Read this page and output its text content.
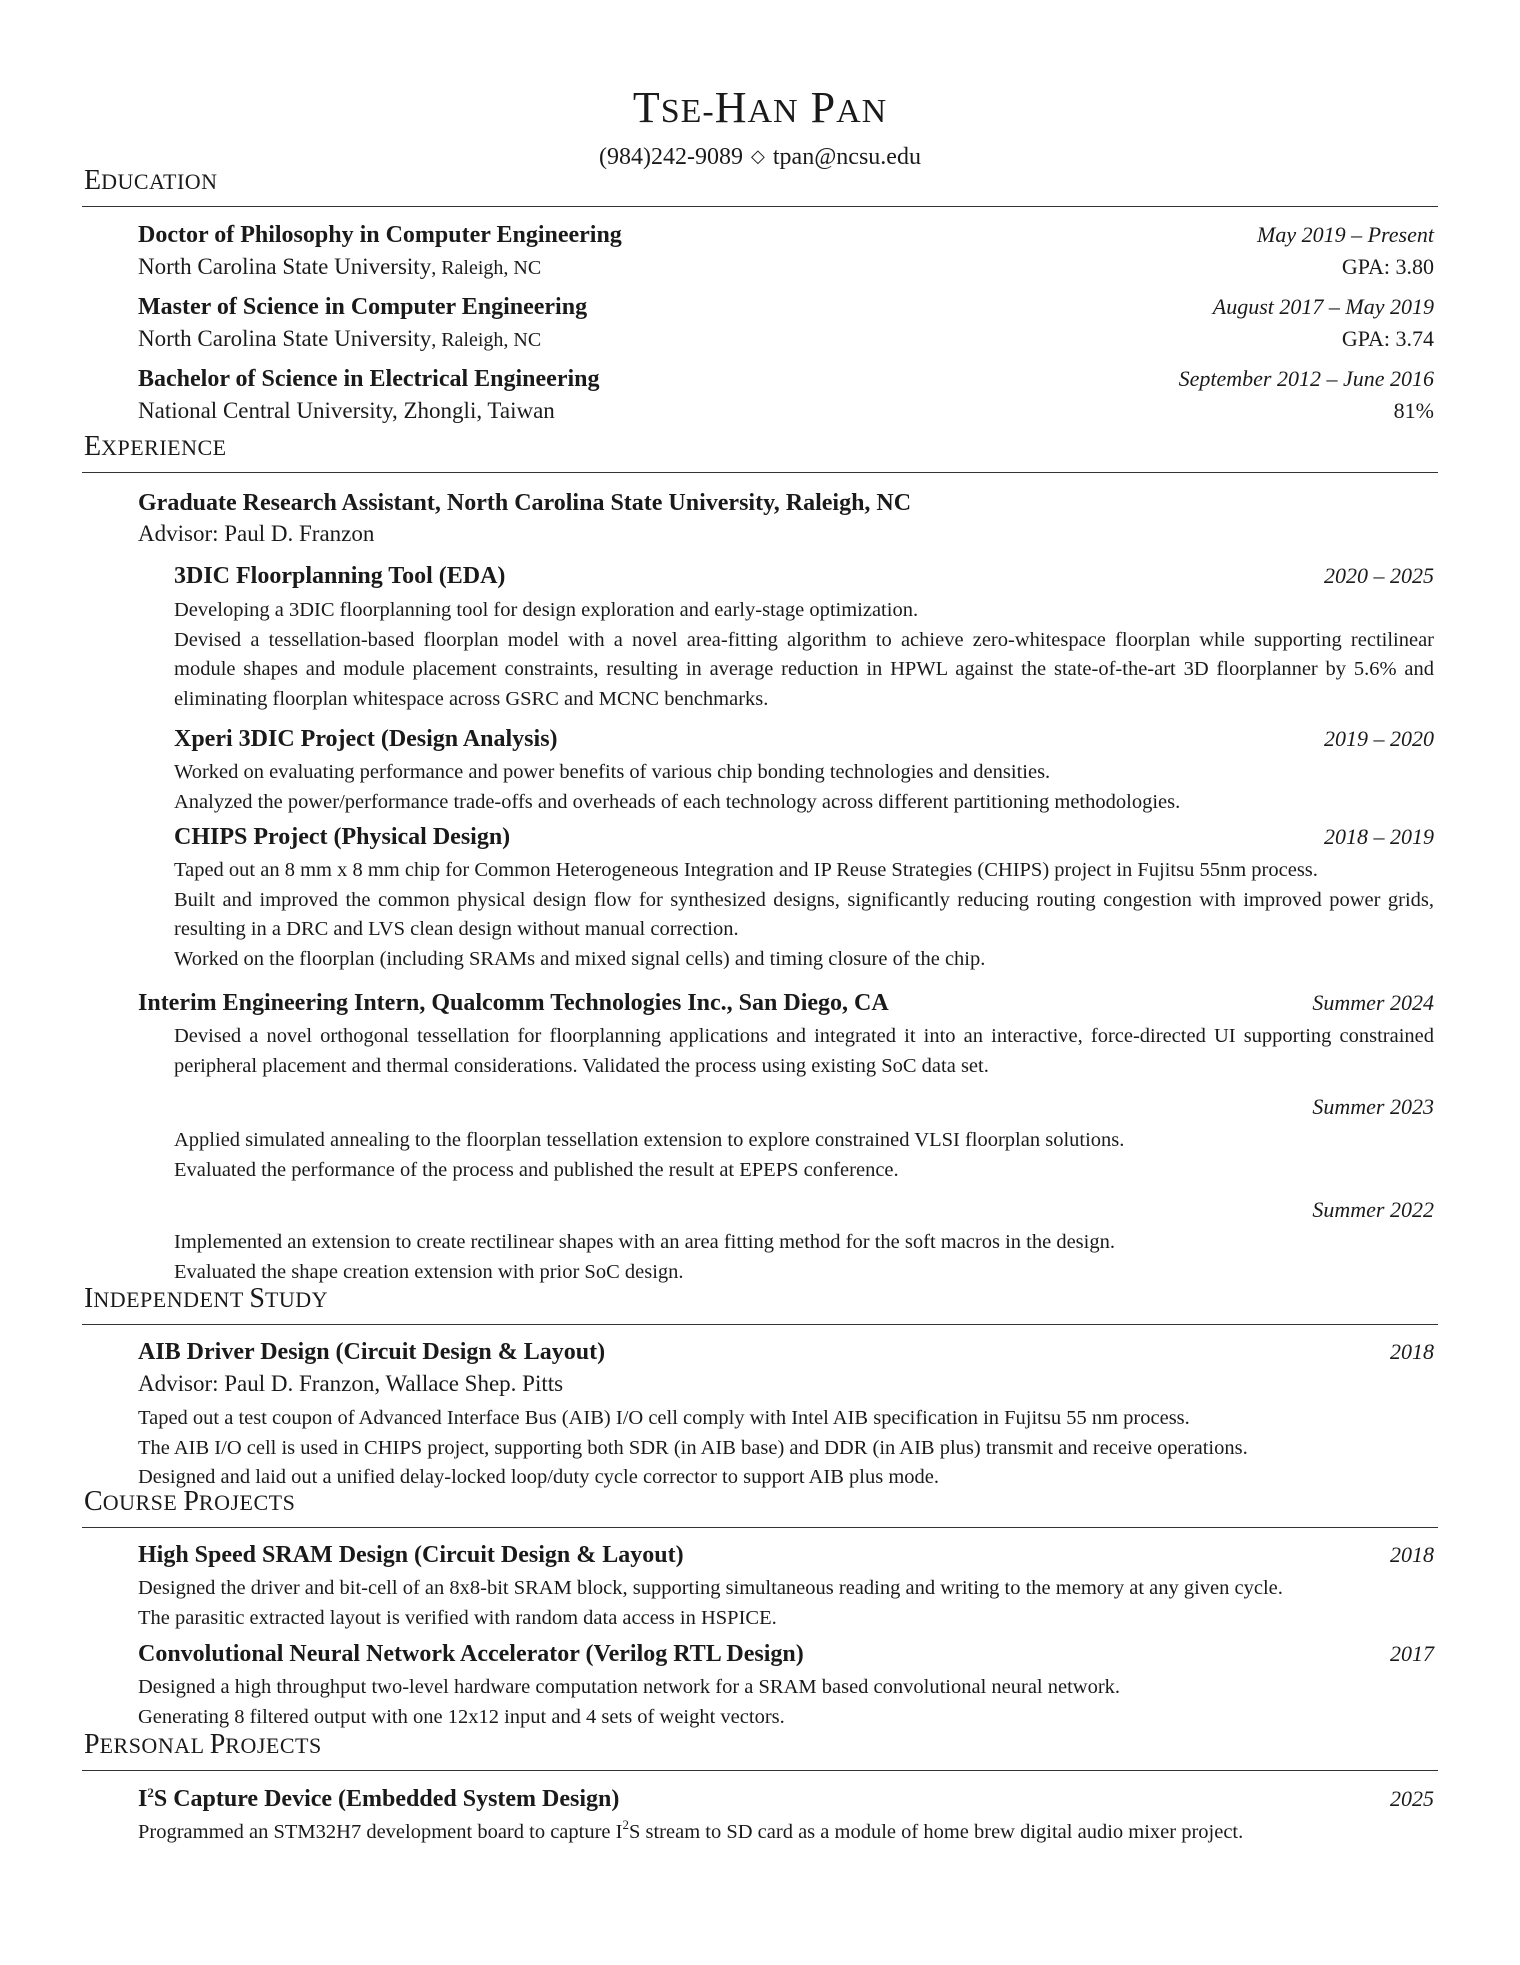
TSE-HAN PAN
(984)242-9089 ◇ tpan@ncsu.edu
EDUCATION
Doctor of Philosophy in Computer Engineering	May 2019 – Present
North Carolina State University, Raleigh, NC	GPA: 3.80
Master of Science in Computer Engineering	August 2017 – May 2019
North Carolina State University, Raleigh, NC	GPA: 3.74
Bachelor of Science in Electrical Engineering	September 2012 – June 2016
National Central University, Zhongli, Taiwan	81%
EXPERIENCE
Graduate Research Assistant, North Carolina State University, Raleigh, NC
Advisor: Paul D. Franzon
3DIC Floorplanning Tool (EDA)	2020 – 2025

Developing a 3DIC floorplanning tool for design exploration and early-stage optimization.

Devised a tessellation-based floorplan model with a novel area-fitting algorithm to achieve zero-whitespace floorplan while supporting rectilinear module shapes and module placement constraints, resulting in average reduction in HPWL against the state-of-the-art 3D floorplanner by 5.6% and eliminating floorplan whitespace across GSRC and MCNC benchmarks.

Xperi 3DIC Project (Design Analysis)	2019 – 2020

Worked on evaluating performance and power benefits of various chip bonding technologies and densities.

Analyzed the power/performance trade-offs and overheads of each technology across different partitioning methodologies.

CHIPS Project (Physical Design)	2018 – 2019

Taped out an 8 mm x 8 mm chip for Common Heterogeneous Integration and IP Reuse Strategies (CHIPS) project in Fujitsu 55nm process.

Built and improved the common physical design flow for synthesized designs, significantly reducing routing congestion with improved power grids, resulting in a DRC and LVS clean design without manual correction.

Worked on the floorplan (including SRAMs and mixed signal cells) and timing closure of the chip.

Interim Engineering Intern, Qualcomm Technologies Inc., San Diego, CA	Summer 2024

Devised a novel orthogonal tessellation for floorplanning applications and integrated it into an interactive, force-directed UI supporting constrained peripheral placement and thermal considerations. Validated the process using existing SoC data set.

Summer 2023

Applied simulated annealing to the floorplan tessellation extension to explore constrained VLSI floorplan solutions.

Evaluated the performance of the process and published the result at EPEPS conference.

Summer 2022

Implemented an extension to create rectilinear shapes with an area fitting method for the soft macros in the design.

Evaluated the shape creation extension with prior SoC design.

INDEPENDENT STUDY
AIB Driver Design (Circuit Design & Layout)	2018
Advisor: Paul D. Franzon, Wallace Shep. Pitts

Taped out a test coupon of Advanced Interface Bus (AIB) I/O cell comply with Intel AIB specification in Fujitsu 55 nm process.

The AIB I/O cell is used in CHIPS project, supporting both SDR (in AIB base) and DDR (in AIB plus) transmit and receive operations.

Designed and laid out a unified delay-locked loop/duty cycle corrector to support AIB plus mode.

COURSE PROJECTS
High Speed SRAM Design (Circuit Design & Layout)	2018

Designed the driver and bit-cell of an 8x8-bit SRAM block, supporting simultaneous reading and writing to the memory at any given cycle.

The parasitic extracted layout is verified with random data access in HSPICE.

Convolutional Neural Network Accelerator (Verilog RTL Design)	2017

Designed a high throughput two-level hardware computation network for a SRAM based convolutional neural network.

Generating 8 filtered output with one 12x12 input and 4 sets of weight vectors.

PERSONAL PROJECTS
$I^2S$ Capture Device (Embedded System Design)	2025

Programmed an STM32H7 development board to capture $I^2S$ stream to SD card as a module of home brew digital audio mixer project.
